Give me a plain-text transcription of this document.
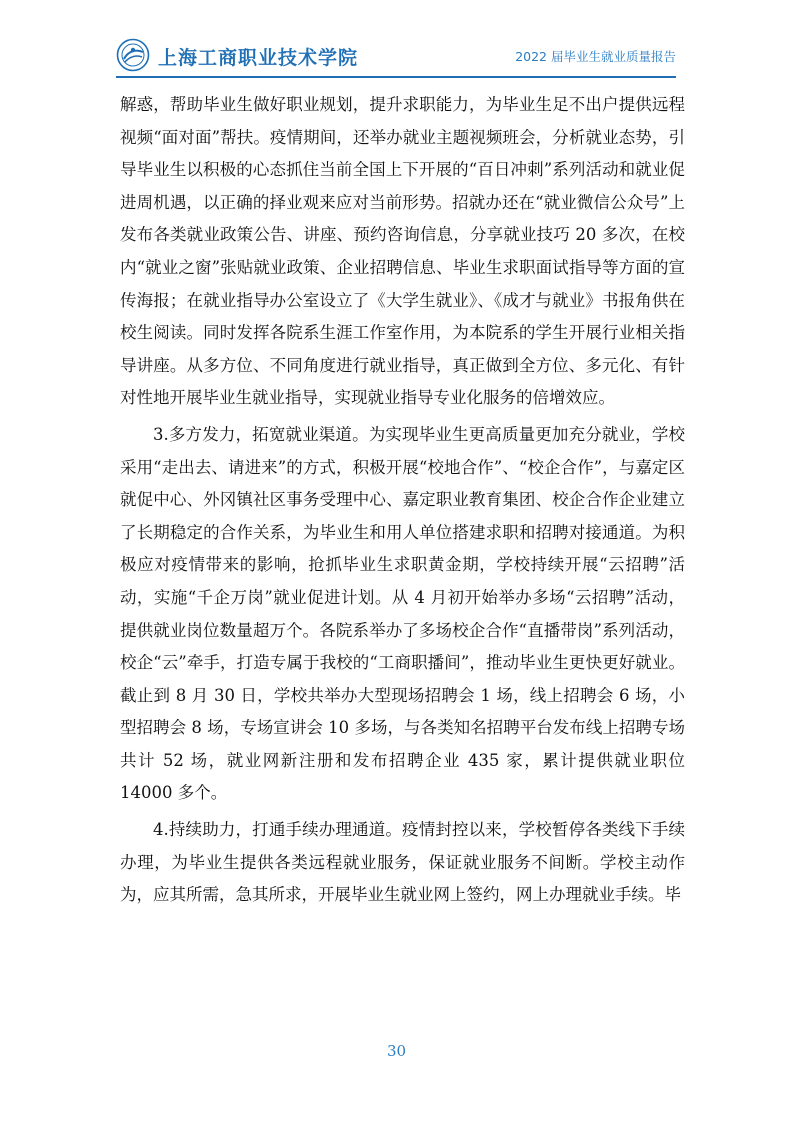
上海工商职业技术学院	2022 届毕业生就业质量报告

解惑，帮助毕业生做好职业规划，提升求职能力，为毕业生足不出户提供远程视频“面对面”帮扶。疫情期间，还举办就业主题视频班会，分析就业态势，引导毕业生以积极的心态抓住当前全国上下开展的“百日冲刺”系列活动和就业促进周机遇，以正确的择业观来应对当前形势。招就办还在“就业微信公众号”上发布各类就业政策公告、讲座、预约咨询信息，分享就业技巧 20 多次，在校内“就业之窗”张贴就业政策、企业招聘信息、毕业生求职面试指导等方面的宣传海报；在就业指导办公室设立了《大学生就业》、《成才与就业》书报角供在校生阅读。同时发挥各院系生涯工作室作用，为本院系的学生开展行业相关指导讲座。从多方位、不同角度进行就业指导，真正做到全方位、多元化、有针对性地开展毕业生就业指导，实现就业指导专业化服务的倍增效应。

3.多方发力，拓宽就业渠道。为实现毕业生更高质量更加充分就业，学校采用“走出去、请进来”的方式，积极开展“校地合作”、“校企合作”，与嘉定区就促中心、外冈镇社区事务受理中心、嘉定职业教育集团、校企合作企业建立了长期稳定的合作关系，为毕业生和用人单位搭建求职和招聘对接通道。为积极应对疫情带来的影响，抢抓毕业生求职黄金期，学校持续开展“云招聘”活动，实施“千企万岗”就业促进计划。从 4 月初开始举办多场“云招聘”活动，提供就业岗位数量超万个。各院系举办了多场校企合作“直播带岗”系列活动，校企“云”牵手，打造专属于我校的“工商职播间”，推动毕业生更快更好就业。截止到 8 月 30 日，学校共举办大型现场招聘会 1 场，线上招聘会 6 场，小型招聘会 8 场，专场宣讲会 10 多场，与各类知名招聘平台发布线上招聘专场共计 52 场，就业网新注册和发布招聘企业 435 家，累计提供就业职位 14000 多个。

4.持续助力，打通手续办理通道。疫情封控以来，学校暂停各类线下手续办理，为毕业生提供各类远程就业服务，保证就业服务不间断。学校主动作为，应其所需，急其所求，开展毕业生就业网上签约，网上办理就业手续。毕

30
